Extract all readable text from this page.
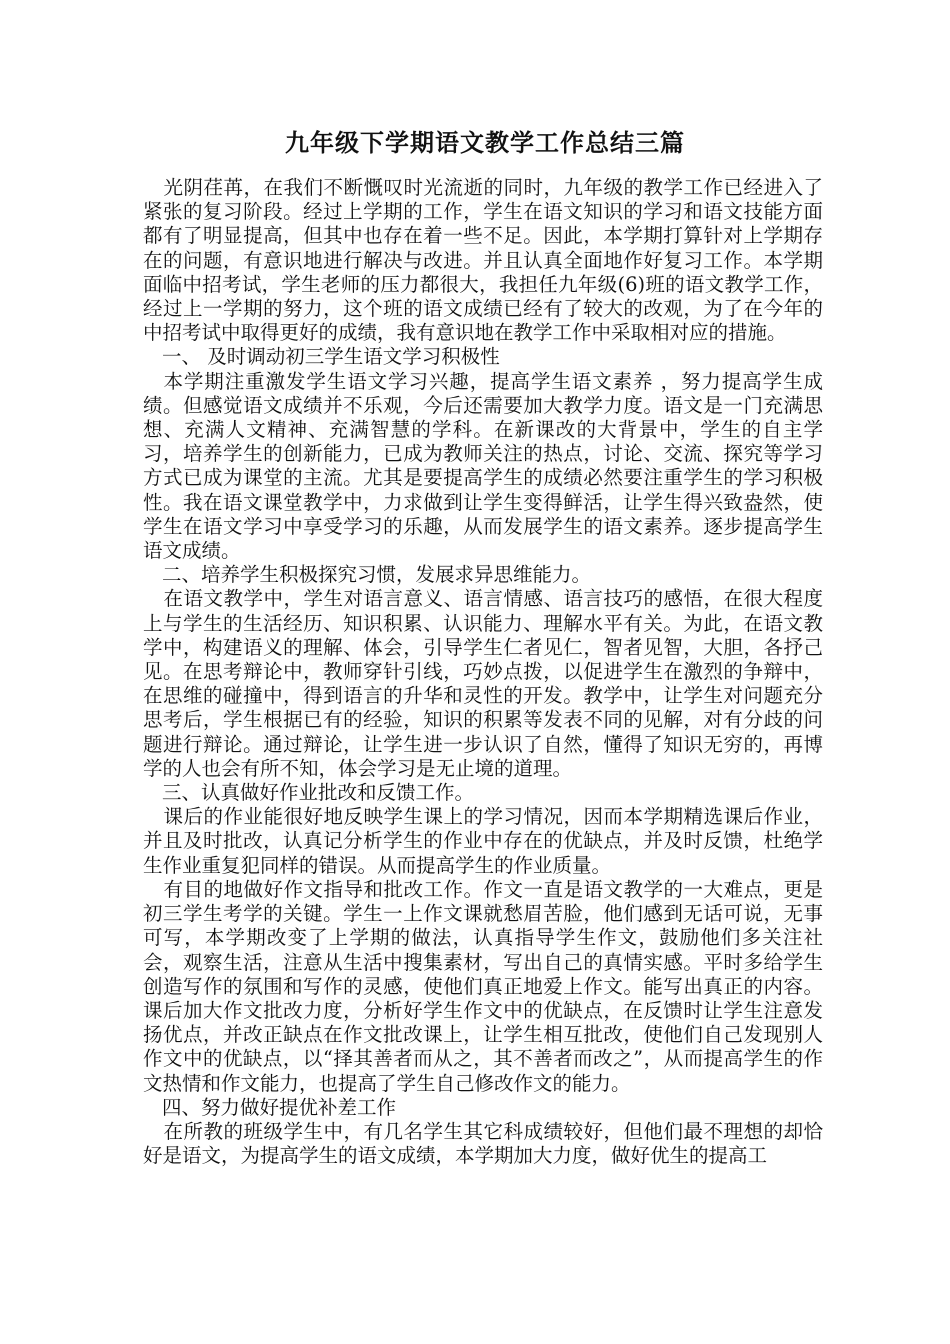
九年级下学期语文教学工作总结三篇

光阴荏苒，在我们不断慨叹时光流逝的同时，九年级的教学工作已经进入了紧张的复习阶段。经过上学期的工作，学生在语文知识的学习和语文技能方面都有了明显提高，但其中也存在着一些不足。因此，本学期打算针对上学期存在的问题，有意识地进行解决与改进。并且认真全面地作好复习工作。本学期面临中招考试，学生老师的压力都很大，我担任九年级(6)班的语文教学工作，经过上一学期的努力，这个班的语文成绩已经有了较大的改观，为了在今年的中招考试中取得更好的成绩，我有意识地在教学工作中采取相对应的措施。

一、 及时调动初三学生语文学习积极性

本学期注重激发学生语文学习兴趣，提高学生语文素养 ，努力提高学生成绩。但感觉语文成绩并不乐观，今后还需要加大教学力度。语文是一门充满思想、充满人文精神、充满智慧的学科。在新课改的大背景中，学生的自主学习，培养学生的创新能力，已成为教师关注的热点，讨论、交流、探究等学习方式已成为课堂的主流。尤其是要提高学生的成绩必然要注重学生的学习积极性。我在语文课堂教学中，力求做到让学生变得鲜活，让学生得兴致盎然，使学生在语文学习中享受学习的乐趣，从而发展学生的语文素养。逐步提高学生语文成绩。

二、培养学生积极探究习惯，发展求异思维能力。

在语文教学中，学生对语言意义、语言情感、语言技巧的感悟，在很大程度上与学生的生活经历、知识积累、认识能力、理解水平有关。为此，在语文教学中，构建语义的理解、体会，引导学生仁者见仁，智者见智，大胆，各抒己见。在思考辩论中，教师穿针引线，巧妙点拨，以促进学生在激烈的争辩中，在思维的碰撞中，得到语言的升华和灵性的开发。教学中，让学生对问题充分思考后，学生根据已有的经验，知识的积累等发表不同的见解，对有分歧的问题进行辩论。通过辩论，让学生进一步认识了自然，懂得了知识无穷的，再博学的人也会有所不知，体会学习是无止境的道理。

三、认真做好作业批改和反馈工作。

课后的作业能很好地反映学生课上的学习情况，因而本学期精选课后作业，并且及时批改，认真记分析学生的作业中存在的优缺点，并及时反馈，杜绝学生作业重复犯同样的错误。从而提高学生的作业质量。

有目的地做好作文指导和批改工作。作文一直是语文教学的一大难点，更是初三学生考学的关键。学生一上作文课就愁眉苦脸，他们感到无话可说，无事可写，本学期改变了上学期的做法，认真指导学生作文，鼓励他们多关注社会，观察生活，注意从生活中搜集素材，写出自己的真情实感。平时多给学生创造写作的氛围和写作的灵感，使他们真正地爱上作文。能写出真正的内容。课后加大作文批改力度，分析好学生作文中的优缺点，在反馈时让学生注意发扬优点，并改正缺点在作文批改课上，让学生相互批改，使他们自己发现别人作文中的优缺点，以“择其善者而从之，其不善者而改之”，从而提高学生的作文热情和作文能力，也提高了学生自己修改作文的能力。

四、努力做好提优补差工作

在所教的班级学生中，有几名学生其它科成绩较好，但他们最不理想的却恰好是语文，为提高学生的语文成绩，本学期加大力度，做好优生的提高工
